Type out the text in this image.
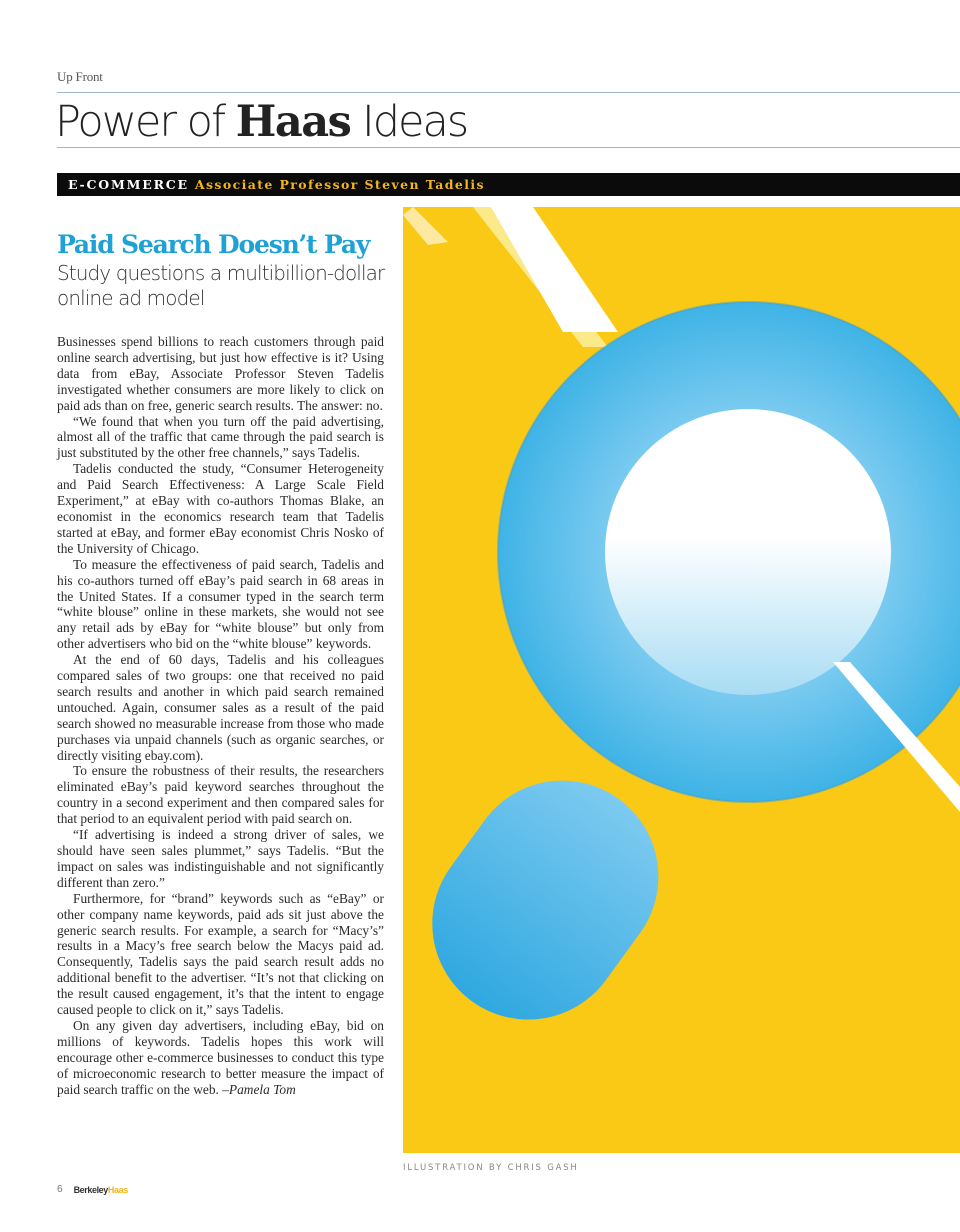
Up Front
Power of Haas Ideas
E-COMMERCE Associate Professor Steven Tadelis
Paid Search Doesn’t Pay
Study questions a multibillion-dollar online ad model

Businesses spend billions to reach customers through paid online search advertising, but just how effective is it? Using data from eBay, Associate Professor Steven Tadelis investigated whether consumers are more likely to click on paid ads than on free, generic search results. The answer: no.

“We found that when you turn off the paid advertising, almost all of the traffic that came through the paid search is just substituted by the other free channels,” says Tadelis.

Tadelis conducted the study, “Consumer Heterogeneity and Paid Search Effectiveness: A Large Scale Field Experiment,” at eBay with co-authors Thomas Blake, an economist in the economics research team that Tadelis started at eBay, and former eBay economist Chris Nosko of the University of Chicago.

To measure the effectiveness of paid search, Tadelis and his co-authors turned off eBay’s paid search in 68 areas in the United States. If a consumer typed in the search term “white blouse” online in these markets, she would not see any retail ads by eBay for “white blouse” but only from other advertisers who bid on the “white blouse” keywords.

At the end of 60 days, Tadelis and his colleagues compared sales of two groups: one that received no paid search results and another in which paid search remained untouched. Again, consumer sales as a result of the paid search showed no measurable increase from those who made purchases via unpaid channels (such as organic searches, or directly visiting ebay.com).

To ensure the robustness of their results, the researchers eliminated eBay’s paid keyword searches throughout the country in a second experiment and then compared sales for that period to an equivalent period with paid search on.

“If advertising is indeed a strong driver of sales, we should have seen sales plummet,” says Tadelis. “But the impact on sales was indistinguishable and not significantly different than zero.”

Furthermore, for “brand” keywords such as “eBay” or other company name keywords, paid ads sit just above the generic search results. For example, a search for “Macy’s” results in a Macy’s free search below the Macys paid ad. Consequently, Tadelis says the paid search result adds no additional benefit to the advertiser. “It’s not that clicking on the result caused engagement, it’s that the intent to engage caused people to click on it,” says Tadelis.

On any given day advertisers, including eBay, bid on millions of keywords. Tadelis hopes this work will encourage other e-commerce businesses to conduct this type of microeconomic research to better measure the impact of paid search traffic on the web. –Pamela Tom

ILLUSTRATION BY CHRIS GASH
6 Berkeley Haas
